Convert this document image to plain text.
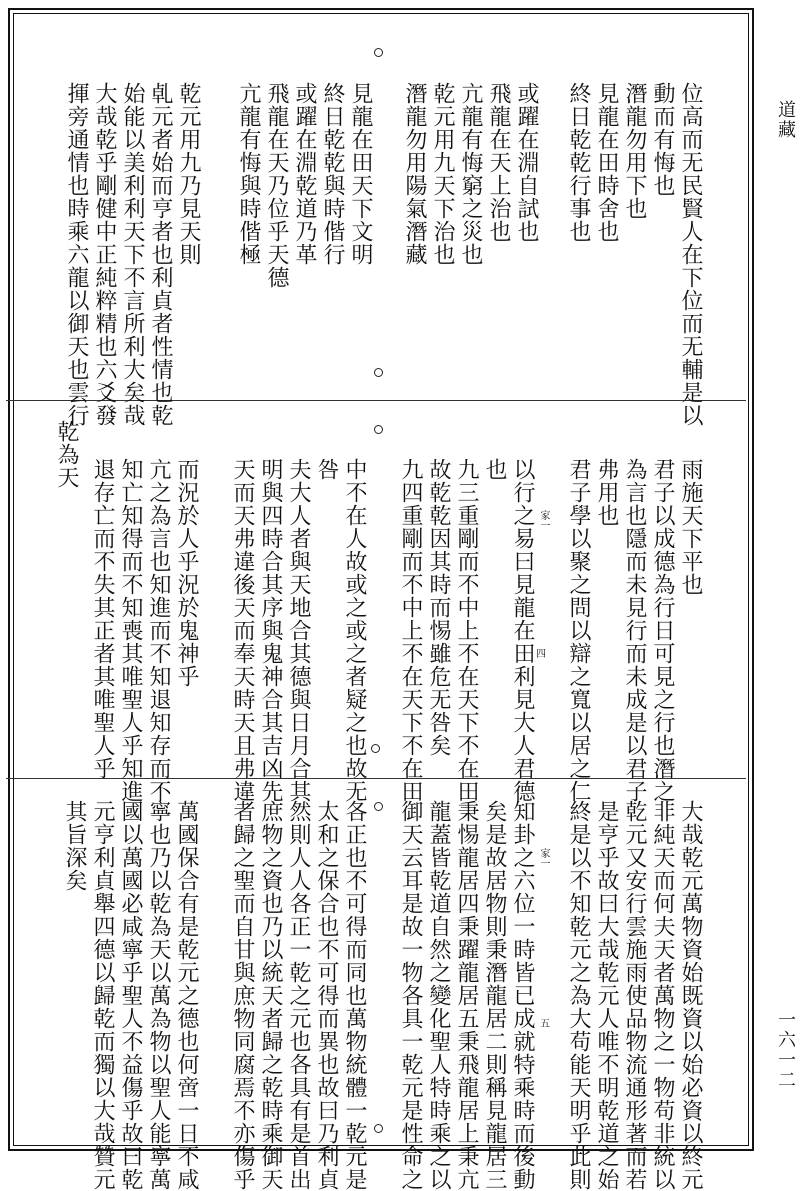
道藏
一六一二
位高而无民賢人在下位而无輔是以
動而有悔也
潛龍勿用下也
見龍在田時舍也
終日乾乾行事也
或躍在淵自試也
飛龍在天上治也
亢龍有悔窮之災也
乾元用九天下治也
潛龍勿用陽氣潛藏
見龍在田天下文明
終日乾乾與時偕行
或躍在淵乾道乃革
飛龍在天乃位乎天德
亢龍有悔與時偕極
乾元用九乃見天則
𠃵元者始而亨者也利貞者性情也乾
始能以美利利天下不言所利大矣哉
大哉乾乎剛健中正純粹精也六爻發
揮旁通情也時乘六龍以御天也雲行
雨施天下平也
君子以成德為行日可見之行也潛之
為言也隱而未見行而未成是以君子
弗用也
君子學以聚之問以辯之寬以居之仁
以行之易曰見龍在田利見大人君德
也
九三重剛而不中上不在天下不在田
故乾乾因其時而惕雖危无咎矣
九四重剛而不中上不在天下不在田
中不在人故或之或之者疑之也故无
咎
夫大人者與天地合其德與日月合其
明與四時合其序與鬼神合其吉凶先
天而天弗違後天而奉天時天且弗違
而況於人乎況於鬼神乎
亢之為言也知進而不知退知存而不
知亡知得而不知喪其唯聖人乎知進
退存亡而不失其正者其唯聖人乎
乾為天
家一
四
大哉乾元萬物資始既資以始必資以終元
非純天而何夫天者萬物之一物苟非統以
乾元又安行雲施雨使品物流通形著而若
是亨乎故曰大哉乾元人唯不明乾道之始
終是以不知乾元之為大苟能天明乎此則
知卦之六位一時皆已成就特乘時而後動
矣是故居物則秉潛龍居二則稱見龍居三
秉惕龍居四秉躍龍居五秉飛龍居上秉亢
龍蓋皆乾道自然之變化聖人特時乘之以
御天云耳是故一物各具一乾元是性命之
各正也不可得而同也萬物統體一乾元是
太和之保合也不可得而異也故曰乃利貞
然則人人各正一乾之元也各具有是首出
庶物之資也乃以統天者歸之乾時乘御天
者歸之聖而自甘與庶物同腐焉不亦傷乎
萬國保合有是乾元之德也何啻一日不咸
寧也乃以乾為天以萬為物以聖人能寧萬
國以萬國必咸寧乎聖人不益傷乎故曰乾
元亨利貞舉四德以歸乾而獨以大哉贊元
其旨深矣	家一
五
